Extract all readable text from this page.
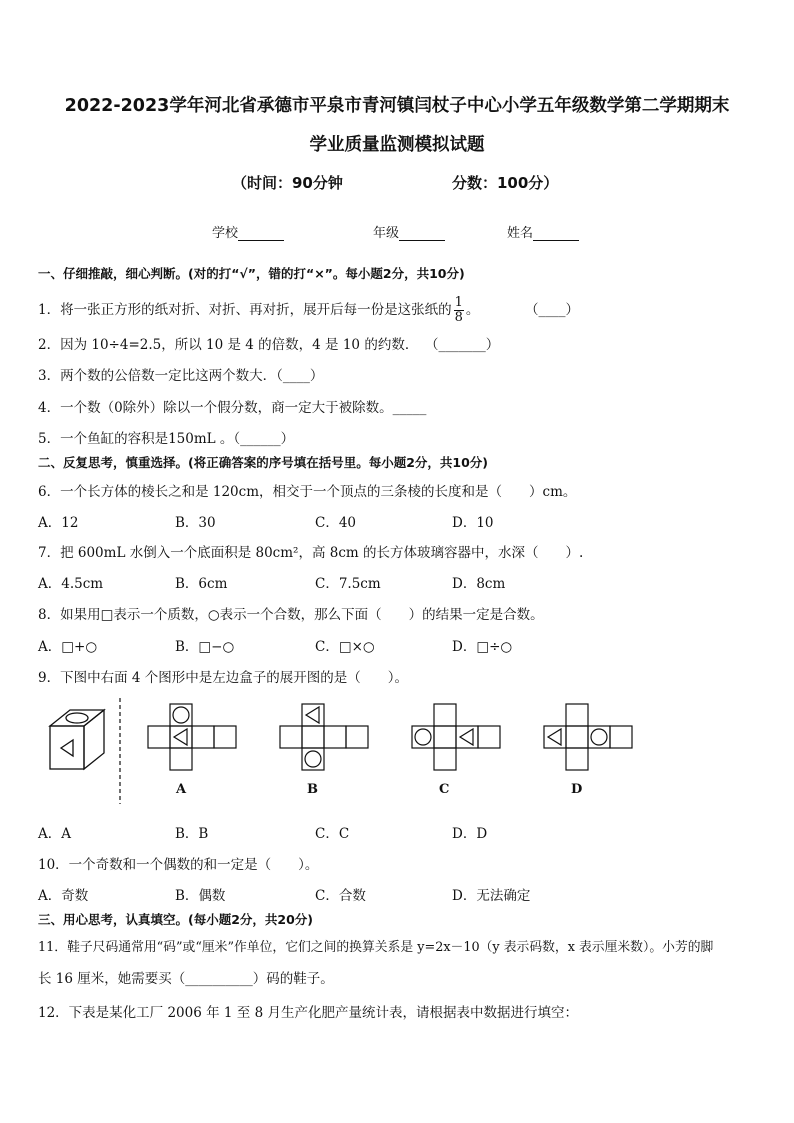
2022-2023学年河北省承德市平泉市青河镇闫杖子中心小学五年级数学第二学期期末
学业质量监测模拟试题
（时间：90分钟	分数：100分）
学校	年级	姓名
一、仔细推敲，细心判断。(对的打“√”，错的打“×”。每小题2分，共10分)
1．将一张正方形的纸对折、对折、再对折，展开后每一份是这张纸的 $\frac{1}{8}$ 。	（____）
2．因为 10÷4=2.5，所以 10 是 4 的倍数，4 是 10 的约数． （_______）
3．两个数的公倍数一定比这两个数大．（____）
4．一个数（0除外）除以一个假分数，商一定大于被除数。_____
5．一个鱼缸的容积是150mL 。（______）
二、反复思考，慎重选择。(将正确答案的序号填在括号里。每小题2分，共10分)
6．一个长方体的棱长之和是 120cm，相交于一个顶点的三条棱的长度和是（　　）cm。
A．12	B．30	C．40	D．10
7．把 600mL 水倒入一个底面积是 80cm²，高 8cm 的长方体玻璃容器中，水深（　　）.
A．4.5cm	B．6cm	C．7.5cm	D．8cm
8．如果用□表示一个质数，○表示一个合数，那么下面（　　）的结果一定是合数。
A．□+○	B．□−○	C．□×○	D．□÷○
9．下图中右面 4 个图形中是左边盒子的展开图的是（　　）。
A	B	C	D
A．A	B．B	C．C	D．D
10．一个奇数和一个偶数的和一定是（　　）。
A．奇数	B．偶数	C．合数	D．无法确定
三、用心思考，认真填空。(每小题2分，共20分)
11．鞋子尺码通常用“码”或“厘米”作单位，它们之间的换算关系是 y=2x－10（y 表示码数，x 表示厘米数）。小芳的脚
长 16 厘米，她需要买（__________）码的鞋子。
12．下表是某化工厂 2006 年 1 至 8 月生产化肥产量统计表，请根据表中数据进行填空：
